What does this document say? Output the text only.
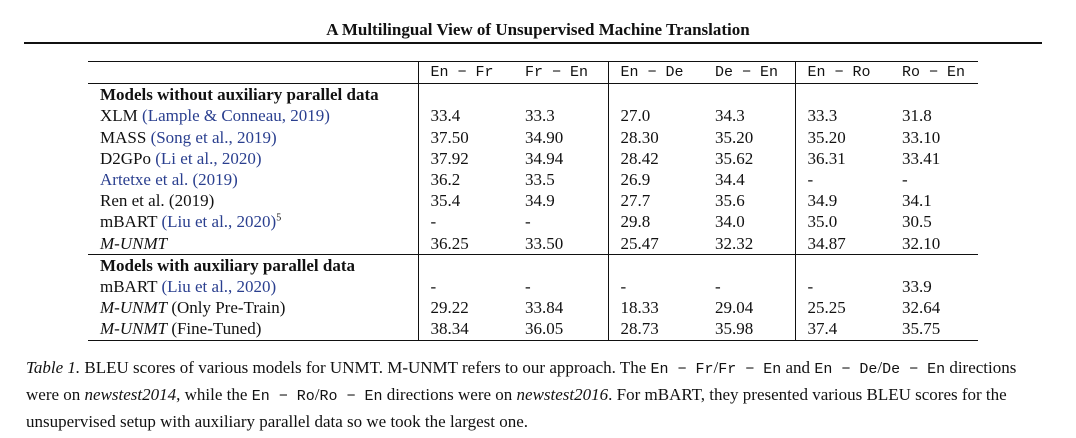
A Multilingual View of Unsupervised Machine Translation
	En − Fr	Fr − En	En − De	De − En	En − Ro	Ro − En
Models without auxiliary parallel data						
XLM (Lample & Conneau, 2019)	33.4	33.3	27.0	34.3	33.3	31.8
MASS (Song et al., 2019)	37.50	34.90	28.30	35.20	35.20	33.10
D2GPo (Li et al., 2020)	37.92	34.94	28.42	35.62	36.31	33.41
Artetxe et al. (2019)	36.2	33.5	26.9	34.4	-	-
Ren et al. (2019)	35.4	34.9	27.7	35.6	34.9	34.1
mBART (Liu et al., 2020)$^5$	-	-	29.8	34.0	35.0	30.5
M-UNMT	36.25	33.50	25.47	32.32	34.87	32.10
Models with auxiliary parallel data						
mBART (Liu et al., 2020)	-	-	-	-	-	33.9
M-UNMT (Only Pre-Train)	29.22	33.84	18.33	29.04	25.25	32.64
M-UNMT (Fine-Tuned)	38.34	36.05	28.73	35.98	37.4	35.75
Table 1. BLEU scores of various models for UNMT. M-UNMT refers to our approach. The En − Fr/Fr − En and En − De/De − En directions were on newstest2014, while the En − Ro/Ro − En directions were on newstest2016. For mBART, they presented various BLEU scores for the unsupervised setup with auxiliary parallel data so we took the largest one.
